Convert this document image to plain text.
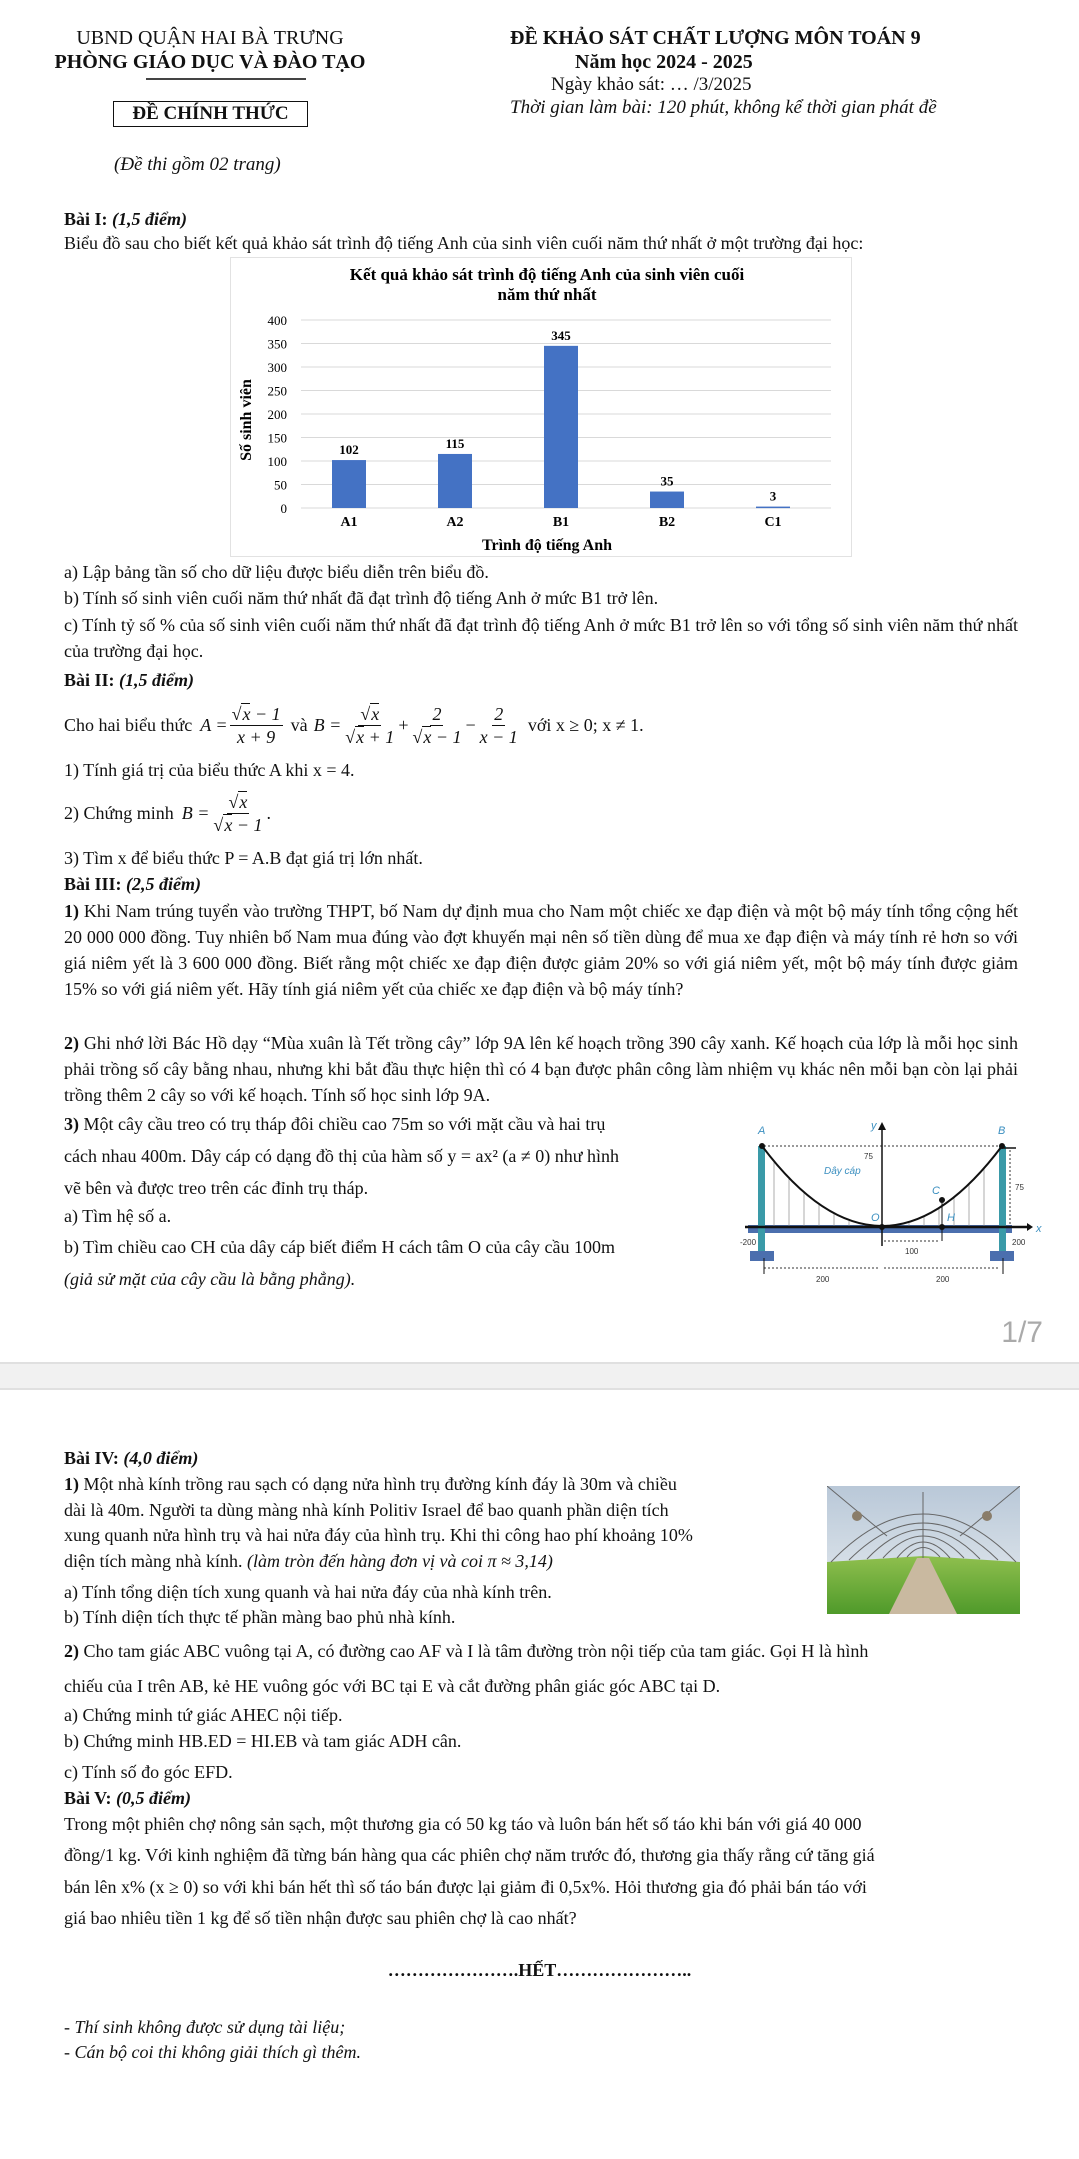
UBND QUẬN HAI BÀ TRƯNG
PHÒNG GIÁO DỤC VÀ ĐÀO TẠO
ĐỀ CHÍNH THỨC
(Đề thi gồm 02 trang)
ĐỀ KHẢO SÁT CHẤT LƯỢNG MÔN TOÁN 9
Năm học 2024 - 2025
Ngày khảo sát: … /3/2025
Thời gian làm bài: 120 phút, không kể thời gian phát đề
Bài I: (1,5 điểm)
Biểu đồ sau cho biết kết quả khảo sát trình độ tiếng Anh của sinh viên cuối năm thứ nhất ở một trường đại học:
Kết quả khảo sát trình độ tiếng Anh của sinh viên cuối
năm thứ nhất
0
50
100
150
200
250
300
350
400
102
A1
115
A2
345
B1
35
B2
3
C1
Số sinh viên
Trình độ tiếng Anh
a) Lập bảng tần số cho dữ liệu được biểu diễn trên biểu đồ.
b) Tính số sinh viên cuối năm thứ nhất đã đạt trình độ tiếng Anh ở mức B1 trở lên.
c) Tính tỷ số % của số sinh viên cuối năm thứ nhất đã đạt trình độ tiếng Anh ở mức B1 trở lên so với tổng số sinh viên năm thứ nhất của trường đại học.
Bài II: (1,5 điểm)
Cho hai biểu thức $A = \frac{√x - 1}{x + 9}$ và $B = \frac{√x}{√x + 1} + \frac{2}{√x - 1} - \frac{2}{x - 1}$ với x ≥ 0; x ≠ 1.
1) Tính giá trị của biểu thức A khi x = 4.
2) Chứng minh $B = \frac{√x}{√x - 1}$ .
3) Tìm x để biểu thức P = A.B đạt giá trị lớn nhất.
Bài III: (2,5 điểm)
1) Khi Nam trúng tuyển vào trường THPT, bố Nam dự định mua cho Nam một chiếc xe đạp điện và một bộ máy tính tổng cộng hết 20 000 000 đồng. Tuy nhiên bố Nam mua đúng vào đợt khuyến mại nên số tiền dùng để mua xe đạp điện và máy tính rẻ hơn so với giá niêm yết là 3 600 000 đồng. Biết rằng một chiếc xe đạp điện được giảm 20% so với giá niêm yết, một bộ máy tính được giảm 15% so với giá niêm yết. Hãy tính giá niêm yết của chiếc xe đạp điện và bộ máy tính?
2) Ghi nhớ lời Bác Hồ dạy “Mùa xuân là Tết trồng cây” lớp 9A lên kế hoạch trồng 390 cây xanh. Kế hoạch của lớp là mỗi học sinh phải trồng số cây bằng nhau, nhưng khi bắt đầu thực hiện thì có 4 bạn được phân công làm nhiệm vụ khác nên mỗi bạn còn lại phải trồng thêm 2 cây so với kế hoạch. Tính số học sinh lớp 9A.
3) Một cây cầu treo có trụ tháp đôi chiều cao 75m so với mặt cầu và hai trụ
cách nhau 400m. Dây cáp có dạng đồ thị của hàm số y = ax² (a ≠ 0) như hình
vẽ bên và được treo trên các đỉnh trụ tháp.
a) Tìm hệ số a.
b) Tìm chiều cao CH của dây cáp biết điểm H cách tâm O của cây cầu 100m
(giả sử mặt của cây cầu là bằng phẳng).
A	B
y
75
Dây cáp
C
O	H
75
x
-200	200
100
200	200
1/7
Bài IV: (4,0 điểm)
1) Một nhà kính trồng rau sạch có dạng nửa hình trụ đường kính đáy là 30m và chiều
dài là 40m. Người ta dùng màng nhà kính Politiv Israel để bao quanh phần diện tích
xung quanh nửa hình trụ và hai nửa đáy của hình trụ. Khi thi công hao phí khoảng 10%
diện tích màng nhà kính. (làm tròn đến hàng đơn vị và coi π ≈ 3,14)
a) Tính tổng diện tích xung quanh và hai nửa đáy của nhà kính trên.
b) Tính diện tích thực tế phần màng bao phủ nhà kính.
2) Cho tam giác ABC vuông tại A, có đường cao AF và I là tâm đường tròn nội tiếp của tam giác. Gọi H là hình
chiếu của I trên AB, kẻ HE vuông góc với BC tại E và cắt đường phân giác góc ABC tại D.
a) Chứng minh tứ giác AHEC nội tiếp.
b) Chứng minh HB.ED = HI.EB và tam giác ADH cân.
c) Tính số đo góc EFD.
Bài V: (0,5 điểm)
Trong một phiên chợ nông sản sạch, một thương gia có 50 kg táo và luôn bán hết số táo khi bán với giá 40 000
đồng/1 kg. Với kinh nghiệm đã từng bán hàng qua các phiên chợ năm trước đó, thương gia thấy rằng cứ tăng giá
bán lên x% (x ≥ 0) so với khi bán hết thì số táo bán được lại giảm đi 0,5x%. Hỏi thương gia đó phải bán táo với
giá bao nhiêu tiền 1 kg để số tiền nhận được sau phiên chợ là cao nhất?
………………….HẾT…………………..
- Thí sinh không được sử dụng tài liệu;
- Cán bộ coi thi không giải thích gì thêm.
